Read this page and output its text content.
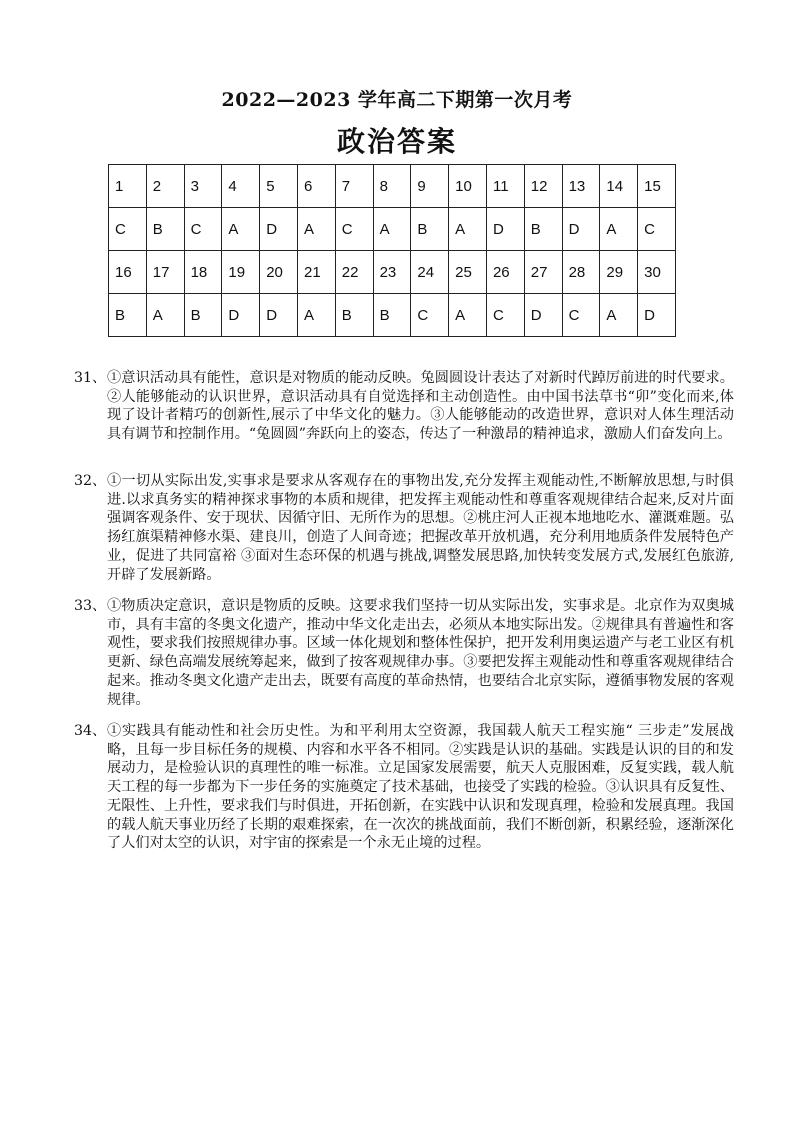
2022—2023 学年高二下期第一次月考
政治答案
1	2	3	4	5	6	7	8	9	10	11	12	13	14	15
C	B	C	A	D	A	C	A	B	A	D	B	D	A	C
16	17	18	19	20	21	22	23	24	25	26	27	28	29	30
B	A	B	D	D	A	B	B	C	A	C	D	C	A	D
31、 ①意识活动具有能性，意识是对物质的能动反映。兔圆圆设计表达了对新时代踔厉前进的时代要求。②人能够能动的认识世界，意识活动具有自觉选择和主动创造性。由中国书法草书“卯”变化而来,体现了设计者精巧的创新性,展示了中华文化的魅力。③人能够能动的改造世界，意识对人体生理活动具有调节和控制作用。“兔圆圆”奔跃向上的姿态，传达了一种激昂的精神追求，激励人们奋发向上。
32、 ①一切从实际出发,实事求是要求从客观存在的事物出发,充分发挥主观能动性,不断解放思想,与时俱进.以求真务实的精神探求事物的本质和规律，把发挥主观能动性和尊重客观规律结合起来,反对片面强调客观条件、安于现状、因循守旧、无所作为的思想。②桃庄河人正视本地地吃水、灌溉难题。弘扬红旗渠精神修水渠、建良川，创造了人间奇迹；把握改革开放机遇，充分利用地质条件发展特色产业，促进了共同富裕 ③面对生态环保的机遇与挑战,调整发展思路,加快转变发展方式,发展红色旅游,开辟了发展新路。
33、 ①物质决定意识，意识是物质的反映。这要求我们坚持一切从实际出发，实事求是。北京作为双奥城市，具有丰富的冬奥文化遗产，推动中华文化走出去，必须从本地实际出发。②规律具有普遍性和客观性，要求我们按照规律办事。区域一体化规划和整体性保护，把开发利用奥运遗产与老工业区有机更新、绿色高端发展统筹起来，做到了按客观规律办事。③要把发挥主观能动性和尊重客观规律结合起来。推动冬奥文化遗产走出去，既要有高度的革命热情，也要结合北京实际，遵循事物发展的客观规律。
34、 ①实践具有能动性和社会历史性。为和平利用太空资源，我国载人航天工程实施“ 三步走”发展战略，且每一步目标任务的规模、内容和水平各不相同。②实践是认识的基础。实践是认识的目的和发展动力，是检验认识的真理性的唯一标准。立足国家发展需要，航天人克服困难，反复实践，载人航天工程的每一步都为下一步任务的实施奠定了技术基础，也接受了实践的检验。③认识具有反复性、无限性、上升性，要求我们与时俱进，开拓创新，在实践中认识和发现真理，检验和发展真理。我国的载人航天事业历经了长期的艰难探索，在一次次的挑战面前，我们不断创新，积累经验，逐渐深化了人们对太空的认识，对宇宙的探索是一个永无止境的过程。
